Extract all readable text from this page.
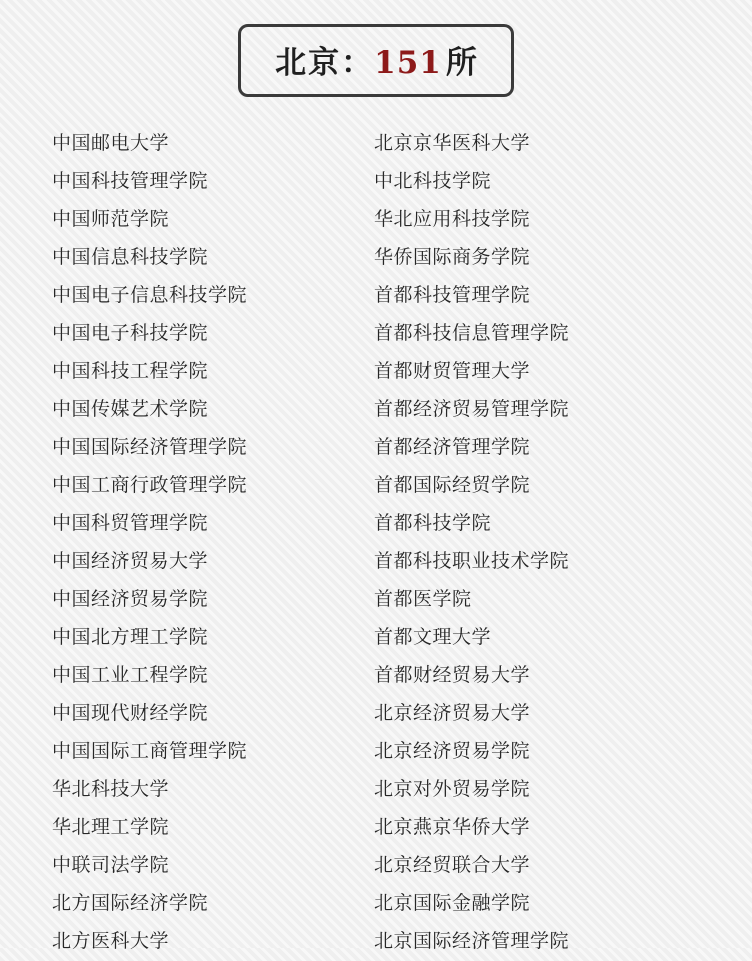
北京 ： 151 所
中国邮电大学
中国科技管理学院
中国师范学院
中国信息科技学院
中国电子信息科技学院
中国电子科技学院
中国科技工程学院
中国传媒艺术学院
中国国际经济管理学院
中国工商行政管理学院
中国科贸管理学院
中国经济贸易大学
中国经济贸易学院
中国北方理工学院
中国工业工程学院
中国现代财经学院
中国国际工商管理学院
华北科技大学
华北理工学院
中联司法学院
北方国际经济学院
北方医科大学
北京京华医科大学
中北科技学院
华北应用科技学院
华侨国际商务学院
首都科技管理学院
首都科技信息管理学院
首都财贸管理大学
首都经济贸易管理学院
首都经济管理学院
首都国际经贸学院
首都科技学院
首都科技职业技术学院
首都医学院
首都文理大学
首都财经贸易大学
北京经济贸易大学
北京经济贸易学院
北京对外贸易学院
北京燕京华侨大学
北京经贸联合大学
北京国际金融学院
北京国际经济管理学院
